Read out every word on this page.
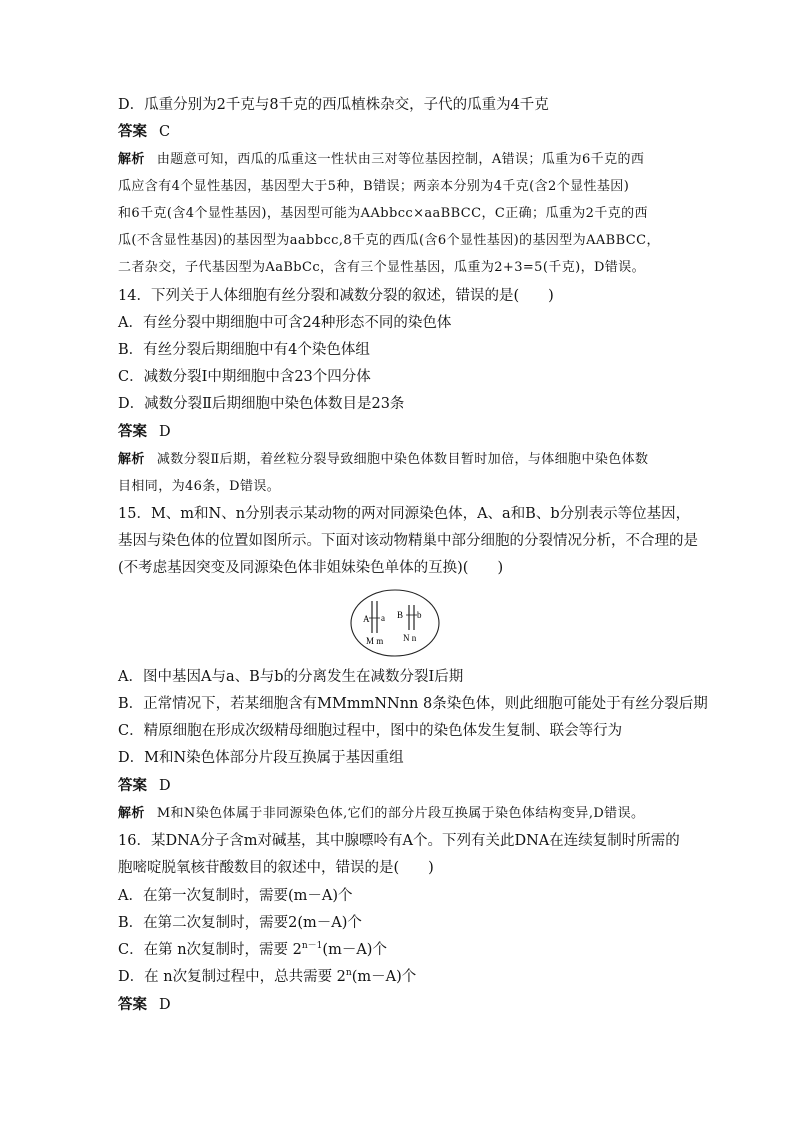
D．瓜重分别为2千克与8千克的西瓜植株杂交，子代的瓜重为4千克
答案 C
解析 由题意可知，西瓜的瓜重这一性状由三对等位基因控制，A错误；瓜重为6千克的西
瓜应含有4个显性基因，基因型大于5种，B错误；两亲本分别为4千克(含2个显性基因)
和6千克(含4个显性基因)，基因型可能为AAbbcc×aaBBCC，C正确；瓜重为2千克的西
瓜(不含显性基因)的基因型为aabbcc,8千克的西瓜(含6个显性基因)的基因型为AABBCC，
二者杂交，子代基因型为AaBbCc，含有三个显性基因，瓜重为2+3=5(千克)，D错误。
14．下列关于人体细胞有丝分裂和减数分裂的叙述，错误的是(　　)
A．有丝分裂中期细胞中可含24种形态不同的染色体
B．有丝分裂后期细胞中有4个染色体组
C．减数分裂Ⅰ中期细胞中含23个四分体
D．减数分裂Ⅱ后期细胞中染色体数目是23条
答案 D
解析 减数分裂Ⅱ后期，着丝粒分裂导致细胞中染色体数目暂时加倍，与体细胞中染色体数
目相同，为46条，D错误。
15．M、m和N、n分别表示某动物的两对同源染色体，A、a和B、b分别表示等位基因，
基因与染色体的位置如图所示。下面对该动物精巢中部分细胞的分裂情况分析，不合理的是
(不考虑基因突变及同源染色体非姐妹染色单体的互换)(　　)
A a
M m
B b
N n
A．图中基因A与a、B与b的分离发生在减数分裂Ⅰ后期
B．正常情况下，若某细胞含有MMmmNNnn 8条染色体，则此细胞可能处于有丝分裂后期
C．精原细胞在形成次级精母细胞过程中，图中的染色体发生复制、联会等行为
D．M和N染色体部分片段互换属于基因重组
答案 D
解析 M和N染色体属于非同源染色体,它们的部分片段互换属于染色体结构变异,D错误。
16．某DNA分子含m对碱基，其中腺嘌呤有A个。下列有关此DNA在连续复制时所需的
胞嘧啶脱氧核苷酸数目的叙述中，错误的是(　　)
A．在第一次复制时，需要(m－A)个
B．在第二次复制时，需要2(m－A)个
C．在第 n次复制时，需要 $2^{n-1}(m-A)$个
D．在 n次复制过程中，总共需要 $2^n(m-A)$个
答案 D
